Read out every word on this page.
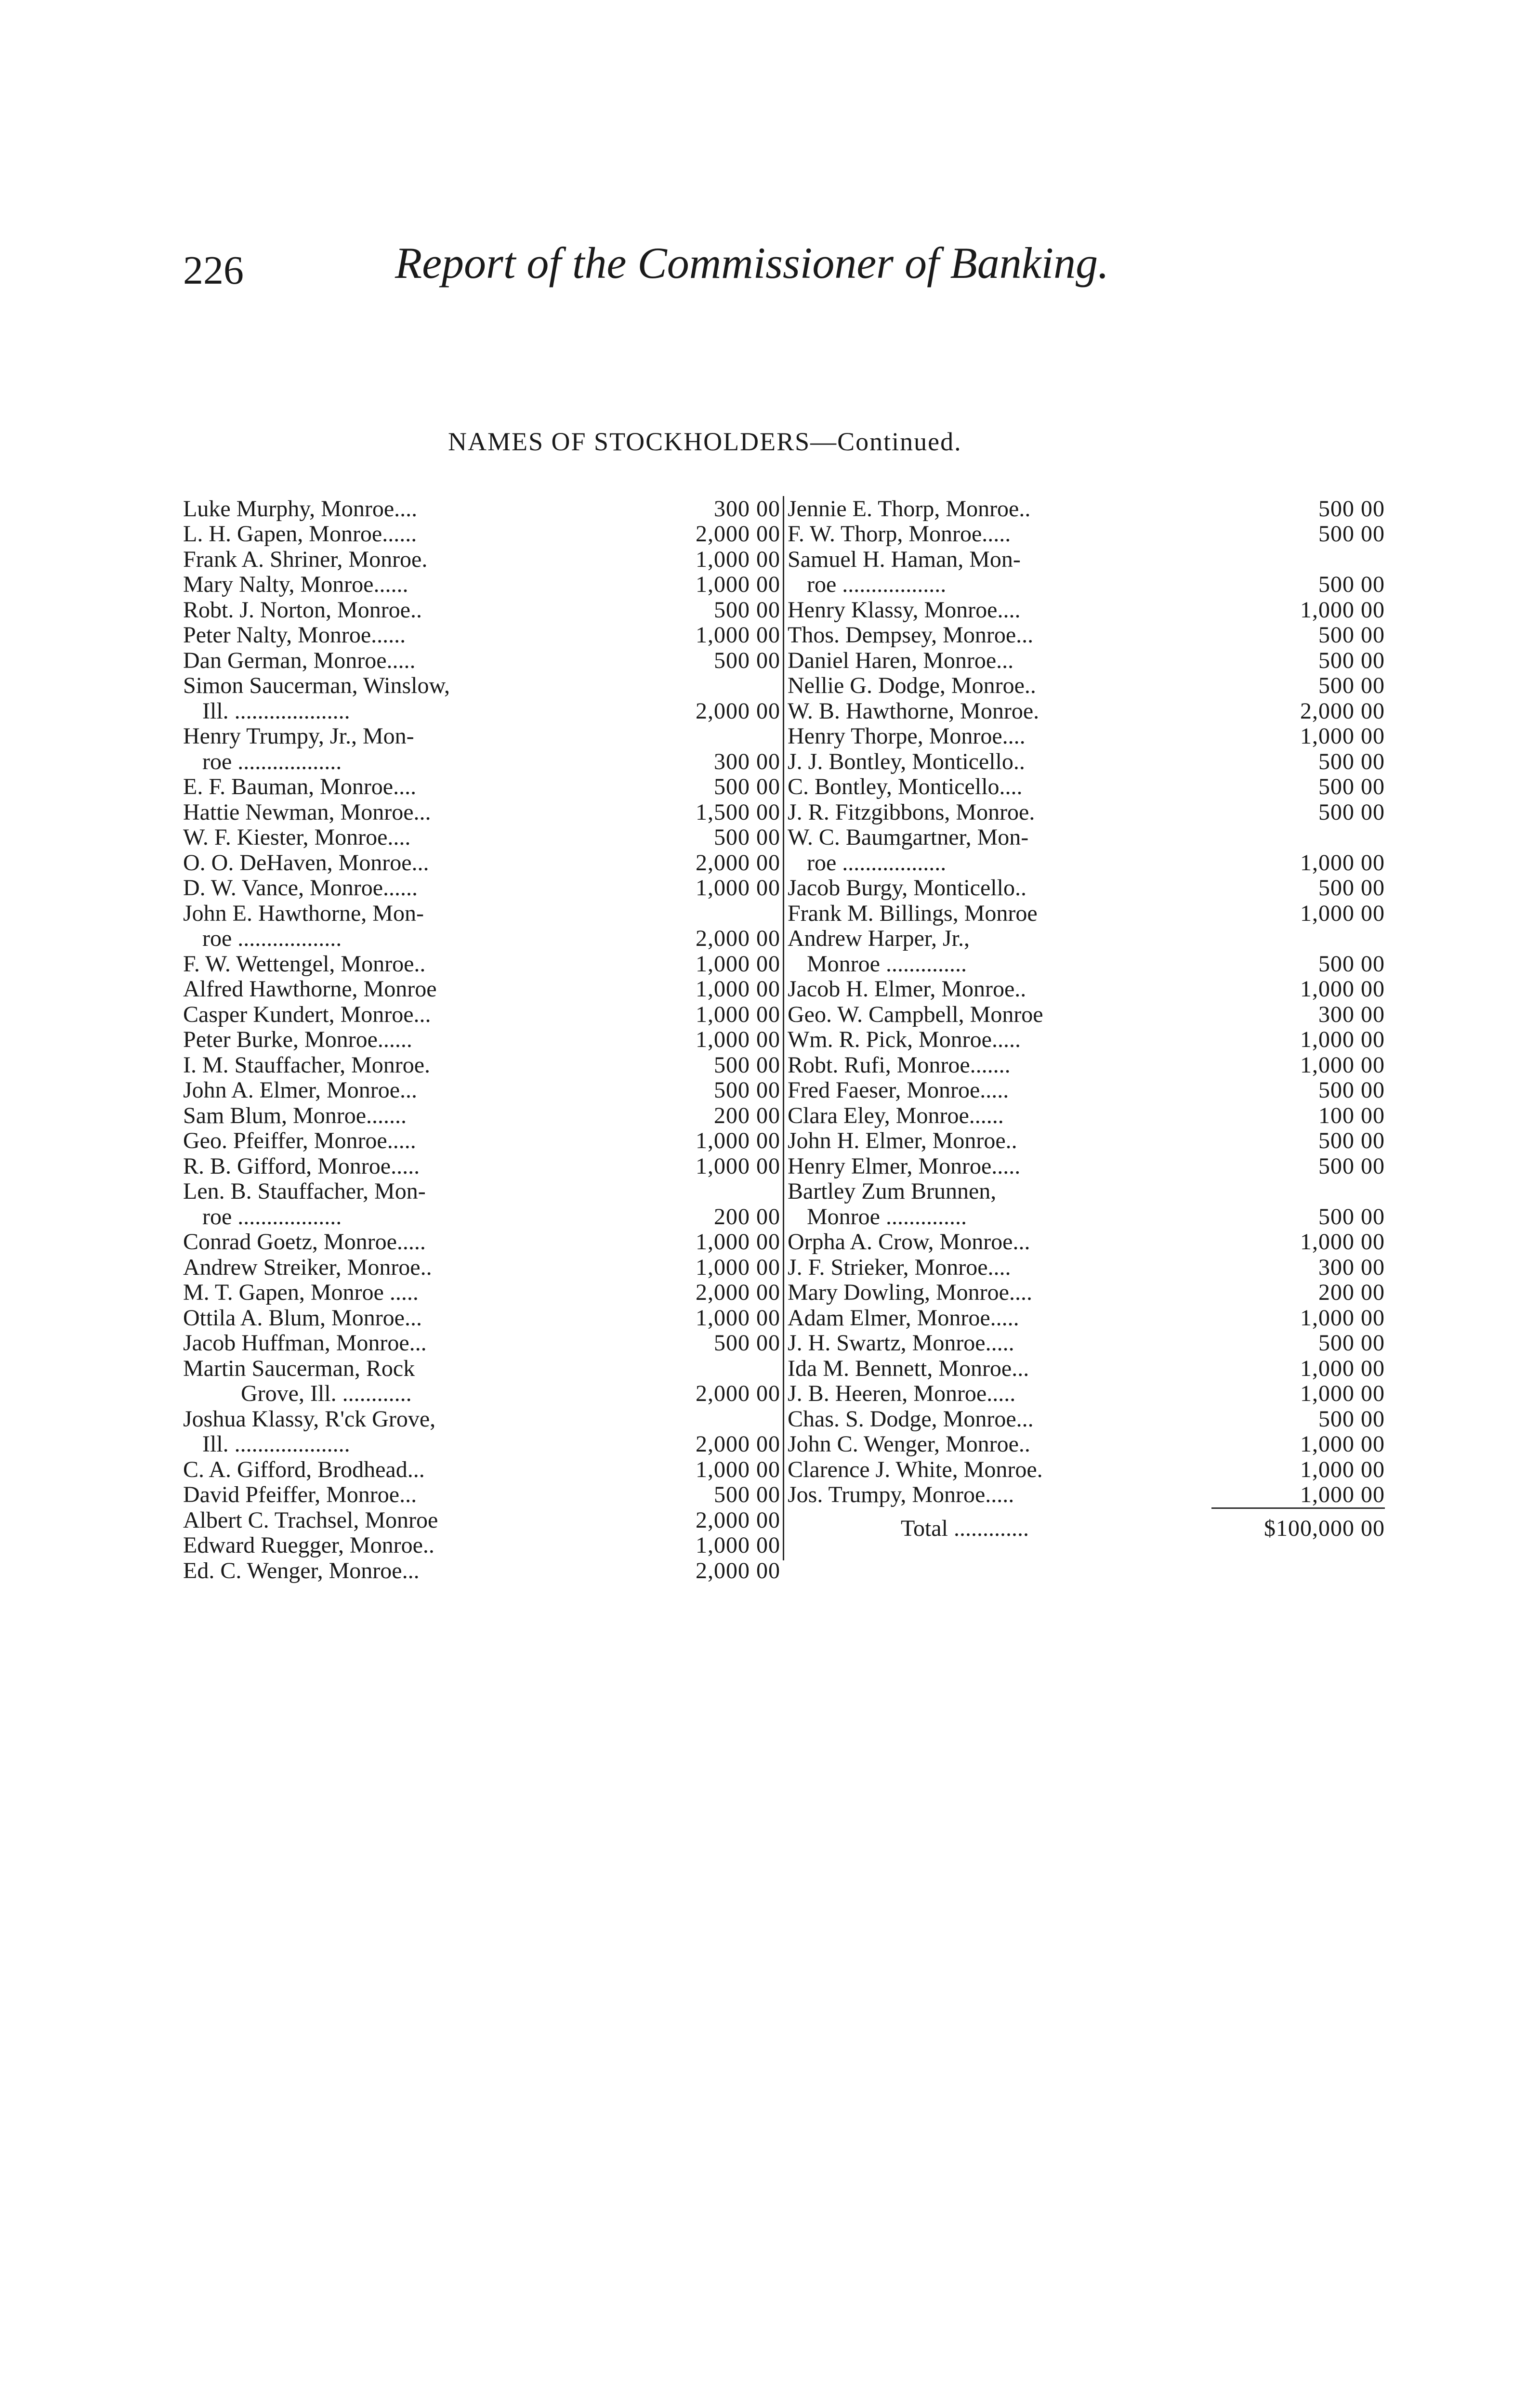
226	Report of the Commissioner of Banking.
NAMES OF STOCKHOLDERS—Continued.
Luke Murphy, Monroe....	300 00
L. H. Gapen, Monroe......	2,000 00
Frank A. Shriner, Monroe.	1,000 00
Mary Nalty, Monroe......	1,000 00
Robt. J. Norton, Monroe..	500 00
Peter Nalty, Monroe......	1,000 00
Dan German, Monroe.....	500 00
Simon Saucerman, Winslow,
Ill. ....................	2,000 00
Henry Trumpy, Jr., Mon-
roe ..................	300 00
E. F. Bauman, Monroe....	500 00
Hattie Newman, Monroe...	1,500 00
W. F. Kiester, Monroe....	500 00
O. O. DeHaven, Monroe...	2,000 00
D. W. Vance, Monroe......	1,000 00
John E. Hawthorne, Mon-
roe ..................	2,000 00
F. W. Wettengel, Monroe..	1,000 00
Alfred Hawthorne, Monroe	1,000 00
Casper Kundert, Monroe...	1,000 00
Peter Burke, Monroe......	1,000 00
I. M. Stauffacher, Monroe.	500 00
John A. Elmer, Monroe...	500 00
Sam Blum, Monroe.......	200 00
Geo. Pfeiffer, Monroe.....	1,000 00
R. B. Gifford, Monroe.....	1,000 00
Len. B. Stauffacher, Mon-
roe ..................	200 00
Conrad Goetz, Monroe.....	1,000 00
Andrew Streiker, Monroe..	1,000 00
M. T. Gapen, Monroe .....	2,000 00
Ottila A. Blum, Monroe...	1,000 00
Jacob Huffman, Monroe...	500 00
Martin Saucerman, Rock
Grove, Ill. ............	2,000 00
Joshua Klassy, R'ck Grove,
Ill. ....................	2,000 00
C. A. Gifford, Brodhead...	1,000 00
David Pfeiffer, Monroe...	500 00
Albert C. Trachsel, Monroe	2,000 00
Edward Ruegger, Monroe..	1,000 00
Ed. C. Wenger, Monroe...	2,000 00
Jennie E. Thorp, Monroe..	500 00
F. W. Thorp, Monroe.....	500 00
Samuel H. Haman, Mon-
roe ..................	500 00
Henry Klassy, Monroe....	1,000 00
Thos. Dempsey, Monroe...	500 00
Daniel Haren, Monroe...	500 00
Nellie G. Dodge, Monroe..	500 00
W. B. Hawthorne, Monroe.	2,000 00
Henry Thorpe, Monroe....	1,000 00
J. J. Bontley, Monticello..	500 00
C. Bontley, Monticello....	500 00
J. R. Fitzgibbons, Monroe.	500 00
W. C. Baumgartner, Mon-
roe ..................	1,000 00
Jacob Burgy, Monticello..	500 00
Frank M. Billings, Monroe	1,000 00
Andrew Harper, Jr.,
Monroe ..............	500 00
Jacob H. Elmer, Monroe..	1,000 00
Geo. W. Campbell, Monroe	300 00
Wm. R. Pick, Monroe.....	1,000 00
Robt. Rufi, Monroe.......	1,000 00
Fred Faeser, Monroe.....	500 00
Clara Eley, Monroe......	100 00
John H. Elmer, Monroe..	500 00
Henry Elmer, Monroe.....	500 00
Bartley Zum Brunnen,
Monroe ..............	500 00
Orpha A. Crow, Monroe...	1,000 00
J. F. Strieker, Monroe....	300 00
Mary Dowling, Monroe....	200 00
Adam Elmer, Monroe.....	1,000 00
J. H. Swartz, Monroe.....	500 00
Ida M. Bennett, Monroe...	1,000 00
J. B. Heeren, Monroe.....	1,000 00
Chas. S. Dodge, Monroe...	500 00
John C. Wenger, Monroe..	1,000 00
Clarence J. White, Monroe.	1,000 00
Jos. Trumpy, Monroe.....	1,000 00
Total .............	$100,000 00
